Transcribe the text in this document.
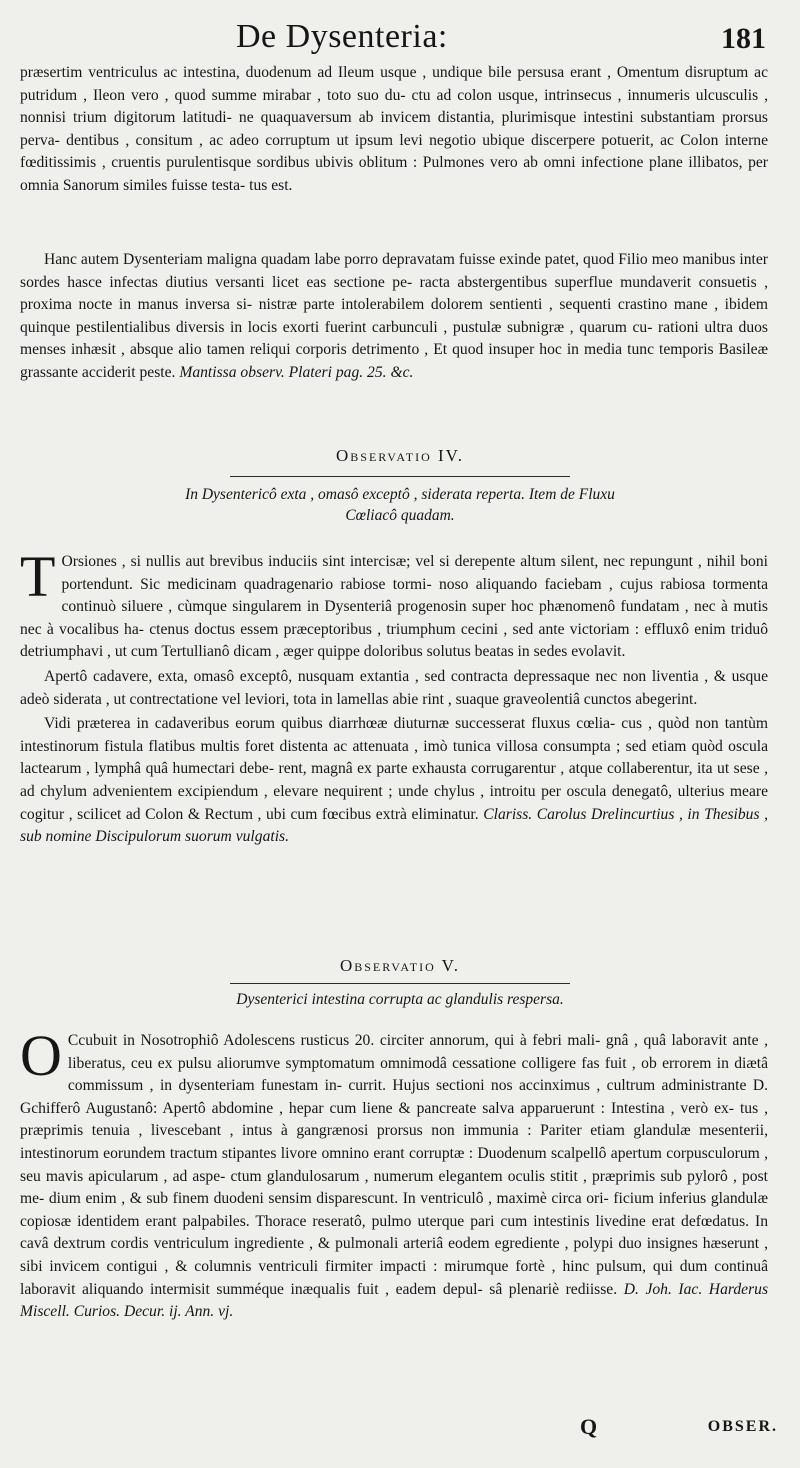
De Dysenteria:	181

præsertim ventriculus ac intestina, duodenum ad Ileum usque , undique bile persusa erant , Omentum disruptum ac putridum , Ileon vero , quod summe mirabar , toto suo du- ctu ad colon usque, intrinsecus , innumeris ulcusculis , nonnisi trium digitorum latitudi- ne quaquaversum ab invicem distantia, plurimisque intestini substantiam prorsus perva- dentibus , consitum , ac adeo corruptum ut ipsum levi negotio ubique discerpere potuerit, ac Colon interne fœditissimis , cruentis purulentisque sordibus ubivis oblitum : Pulmones vero ab omni infectione plane illibatos, per omnia Sanorum similes fuisse testa- tus est.

Hanc autem Dysenteriam maligna quadam labe porro depravatam fuisse exinde patet, quod Filio meo manibus inter sordes hasce infectas diutius versanti licet eas sectione pe- racta abstergentibus superflue mundaverit consuetis , proxima nocte in manus inversa si- nistræ parte intolerabilem dolorem sentienti , sequenti crastino mane , ibidem quinque pestilentialibus diversis in locis exorti fuerint carbunculi , pustulæ subnigræ , quarum cu- rationi ultra duos menses inhæsit , absque alio tamen reliqui corporis detrimento , Et quod insuper hoc in media tunc temporis Basileæ grassante acciderit peste. Mantissa observ. Plateri pag. 25. &c.

Observatio IV.
In Dysentericô exta , omasô exceptô , siderata reperta. Item de Fluxu
Cœliacô quadam.

T Orsiones , si nullis aut brevibus induciis sint intercisæ; vel si derepente altum silent, nec repungunt , nihil boni portendunt. Sic medicinam quadragenario rabiose tormi- noso aliquando faciebam , cujus rabiosa tormenta continuò siluere , cùmque singularem in Dysenteriâ progenosin super hoc phænomenô fundatam , nec à mutis nec à vocalibus ha- ctenus doctus essem præceptoribus , triumphum cecini , sed ante victoriam : effluxô enim triduô detriumphavi , ut cum Tertullianô dicam , æger quippe doloribus solutus beatas in sedes evolavit.

Apertô cadavere, exta, omasô exceptô, nusquam extantia , sed contracta depressaque nec non liventia , & usque adeò siderata , ut contrectatione vel leviori, tota in lamellas abie rint , suaque graveolentiâ cunctos abegerint.

Vidi præterea in cadaveribus eorum quibus diarrhœæ diuturnæ successerat fluxus cœlia- cus , quòd non tantùm intestinorum fistula flatibus multis foret distenta ac attenuata , imò tunica villosa consumpta ; sed etiam quòd oscula lactearum , lymphâ quâ humectari debe- rent, magnâ ex parte exhausta corrugarentur , atque collaberentur, ita ut sese , ad chylum advenientem excipiendum , elevare nequirent ; unde chylus , introitu per oscula denegatô, ulterius meare cogitur , scilicet ad Colon & Rectum , ubi cum fœcibus extrà eliminatur. Clariss. Carolus Drelincurtius , in Thesibus , sub nomine Discipulorum suorum vulgatis.

Observatio V.
Dysenterici intestina corrupta ac glandulis respersa.

O Ccubuit in Nosotrophiô Adolescens rusticus 20. circiter annorum, qui à febri mali- gnâ , quâ laboravit ante , liberatus, ceu ex pulsu aliorumve symptomatum omnimodâ cessatione colligere fas fuit , ob errorem in diætâ commissum , in dysenteriam funestam in- currit. Hujus sectioni nos accinximus , cultrum administrante D. Gchifferô Augustanô: Apertô abdomine , hepar cum liene & pancreate salva apparuerunt : Intestina , verò ex- tus , præprimis tenuia , livescebant , intus à gangrænosi prorsus non immunia : Pariter etiam glandulæ mesenterii, intestinorum eorundem tractum stipantes livore omnino erant corruptæ : Duodenum scalpellô apertum corpusculorum , seu mavis apicularum , ad aspe- ctum glandulosarum , numerum elegantem oculis stitit , præprimis sub pylorô , post me- dium enim , & sub finem duodeni sensim disparescunt. In ventriculô , maximè circa ori- ficium inferius glandulæ copiosæ identidem erant palpabiles. Thorace reseratô, pulmo uterque pari cum intestinis livedine erat defœdatus. In cavâ dextrum cordis ventriculum ingrediente , & pulmonali arteriâ eodem egrediente , polypi duo insignes hæserunt , sibi invicem contigui , & columnis ventriculi firmiter impacti : mirumque fortè , hinc pulsum, qui dum continuâ laboravit aliquando intermisit summéque inæqualis fuit , eadem depul- sâ plenariè rediisse. D. Joh. Iac. Harderus Miscell. Curios. Decur. ij. Ann. vj.

Q	OBSER.
